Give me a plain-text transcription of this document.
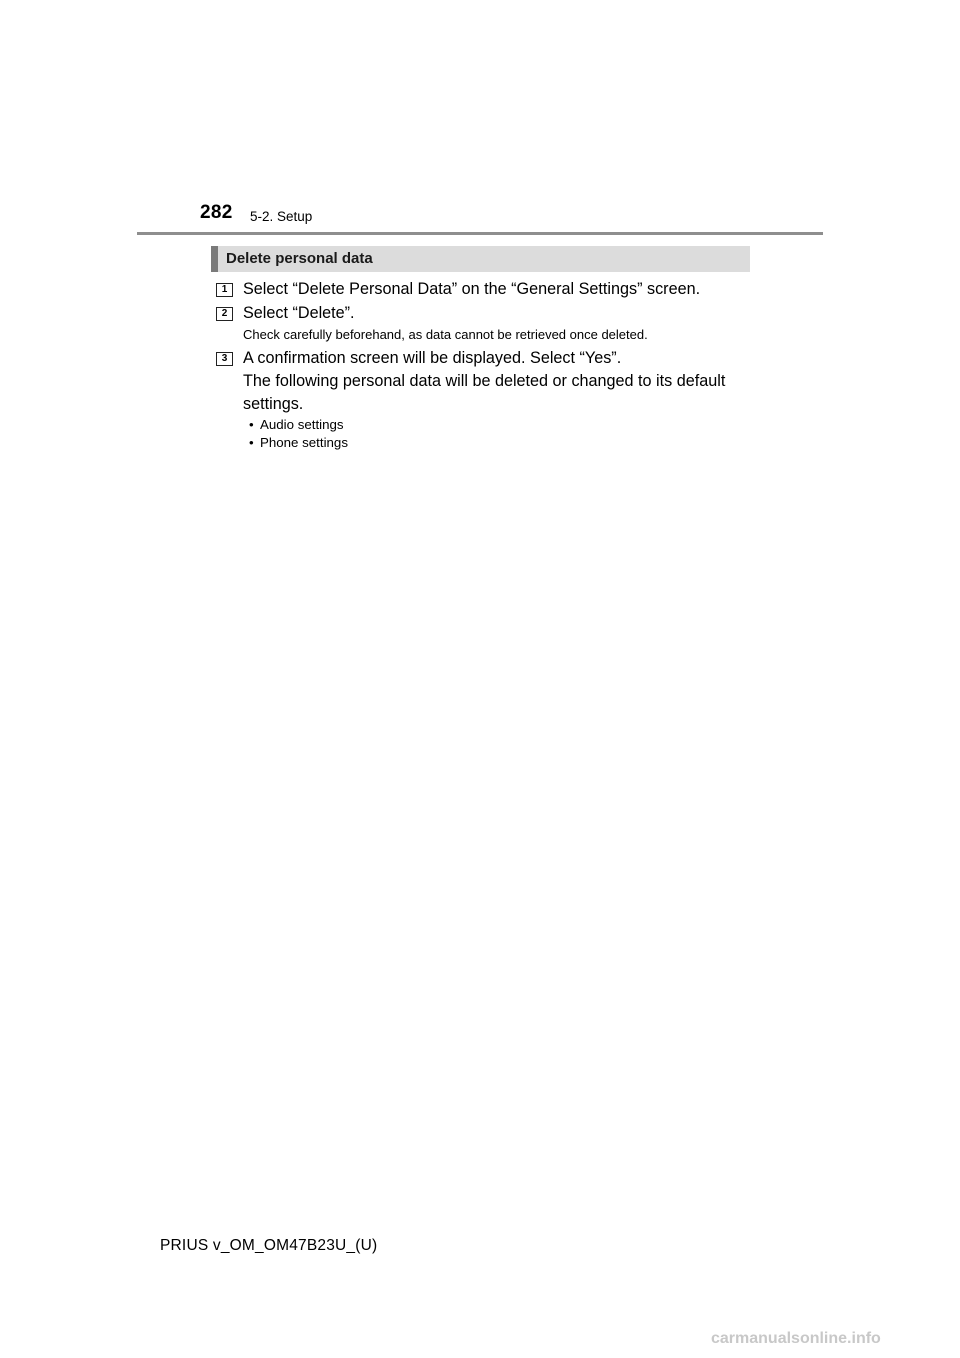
282 5-2. Setup
Delete personal data
1 Select “Delete Personal Data” on the “General Settings” screen.
2 Select “Delete”.
Check carefully beforehand, as data cannot be retrieved once deleted.
3 A confirmation screen will be displayed. Select “Yes”.
The following personal data will be deleted or changed to its default
settings.
• Audio settings
• Phone settings
PRIUS v_OM_OM47B23U_(U)
carmanualsonline.info
